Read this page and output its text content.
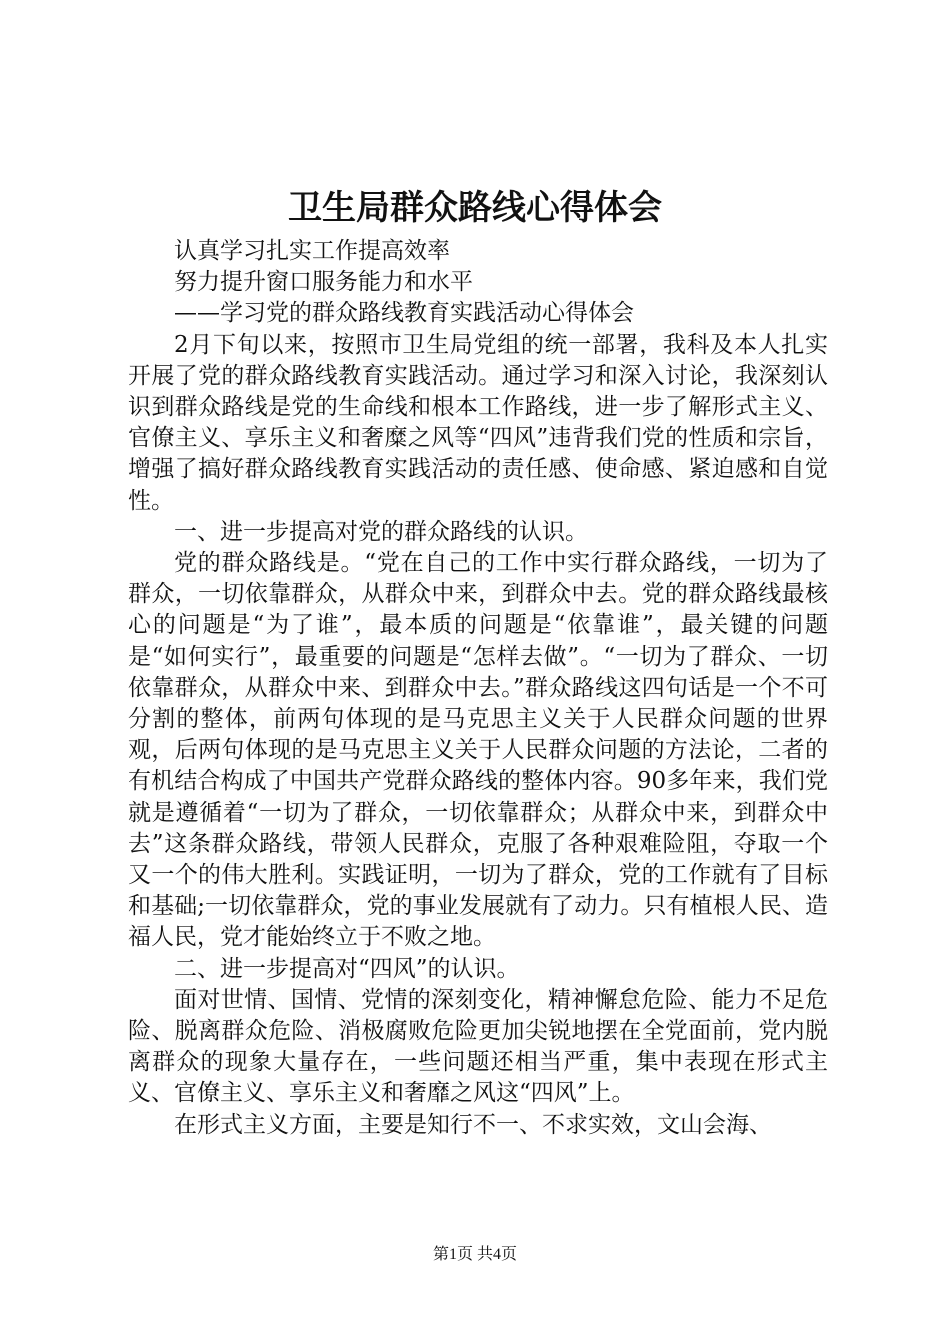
卫生局群众路线心得体会

认真学习扎实工作提高效率

努力提升窗口服务能力和水平

——学习党的群众路线教育实践活动心得体会

2月下旬以来，按照市卫生局党组的统一部署，我科及本人扎实开展了党的群众路线教育实践活动。通过学习和深入讨论，我深刻认识到群众路线是党的生命线和根本工作路线，进一步了解形式主义、官僚主义、享乐主义和奢糜之风等“四风”违背我们党的性质和宗旨，增强了搞好群众路线教育实践活动的责任感、使命感、紧迫感和自觉性。

一、进一步提高对党的群众路线的认识。

党的群众路线是。“党在自己的工作中实行群众路线，一切为了群众，一切依靠群众，从群众中来，到群众中去。党的群众路线最核心的问题是“为了谁”，最本质的问题是“依靠谁”，最关键的问题是“如何实行”，最重要的问题是“怎样去做”。“一切为了群众、一切依靠群众，从群众中来、到群众中去。”群众路线这四句话是一个不可分割的整体，前两句体现的是马克思主义关于人民群众问题的世界观，后两句体现的是马克思主义关于人民群众问题的方法论，二者的有机结合构成了中国共产党群众路线的整体内容。90多年来，我们党就是遵循着“一切为了群众，一切依靠群众；从群众中来，到群众中去”这条群众路线，带领人民群众，克服了各种艰难险阻，夺取一个又一个的伟大胜利。实践证明，一切为了群众，党的工作就有了目标和基础;一切依靠群众，党的事业发展就有了动力。只有植根人民、造福人民，党才能始终立于不败之地。

二、进一步提高对“四风”的认识。

面对世情、国情、党情的深刻变化，精神懈怠危险、能力不足危险、脱离群众危险、消极腐败危险更加尖锐地摆在全党面前，党内脱离群众的现象大量存在，一些问题还相当严重，集中表现在形式主义、官僚主义、享乐主义和奢靡之风这“四风”上。

在形式主义方面，主要是知行不一、不求实效，文山会海、

第1页 共4页
